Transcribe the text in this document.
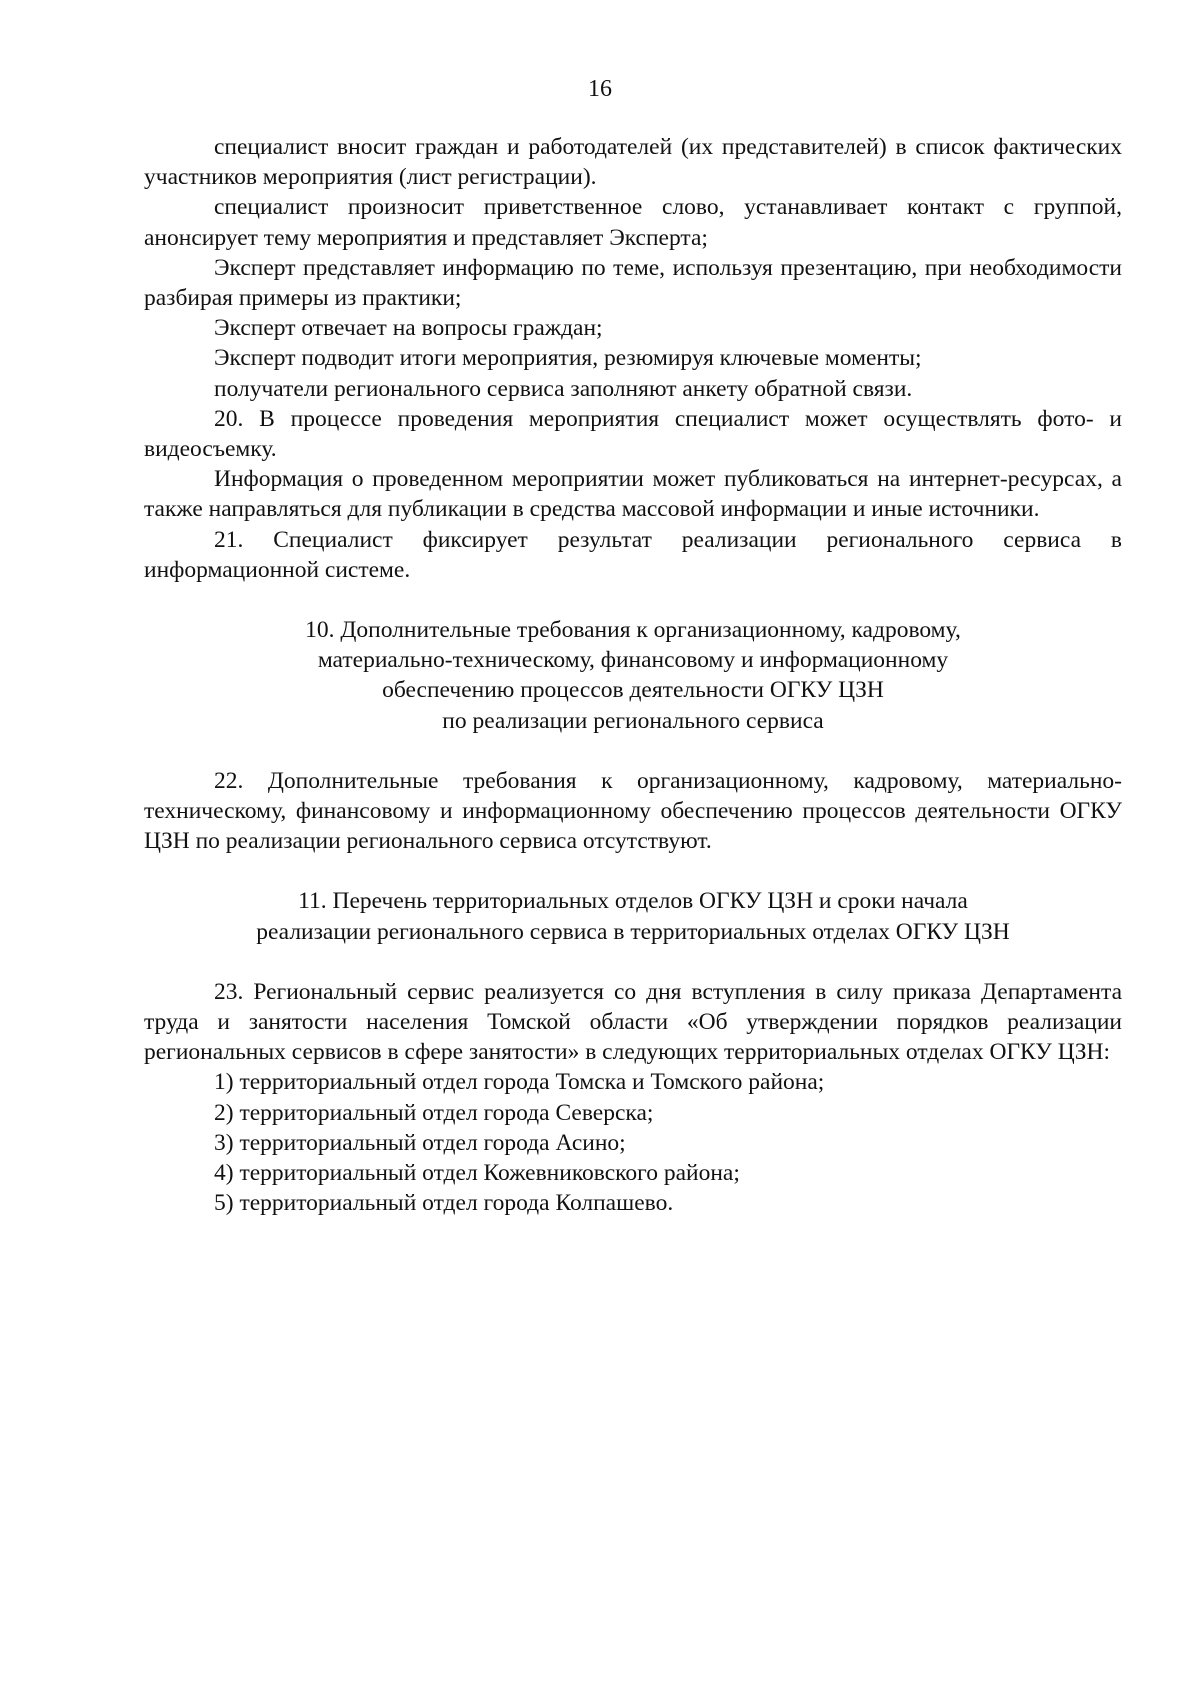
16

специалист вносит граждан и работодателей (их представителей) в список фактических участников мероприятия (лист регистрации).

специалист произносит приветственное слово, устанавливает контакт с группой, анонсирует тему мероприятия и представляет Эксперта;

Эксперт представляет информацию по теме, используя презентацию, при необходимости разбирая примеры из практики;

Эксперт отвечает на вопросы граждан;

Эксперт подводит итоги мероприятия, резюмируя ключевые моменты;

получатели регионального сервиса заполняют анкету обратной связи.

20. В процессе проведения мероприятия специалист может осуществлять фото- и видеосъемку.

Информация о проведенном мероприятии может публиковаться на интернет-ресурсах, а также направляться для публикации в средства массовой информации и иные источники.

21. Специалист фиксирует результат реализации регионального сервиса в информационной системе.

10. Дополнительные требования к организационному, кадровому,
материально-техническому, финансовому и информационному
обеспечению процессов деятельности ОГКУ ЦЗН
по реализации регионального сервиса

22. Дополнительные требования к организационному, кадровому, материально-техническому, финансовому и информационному обеспечению процессов деятельности ОГКУ ЦЗН по реализации регионального сервиса отсутствуют.

11. Перечень территориальных отделов ОГКУ ЦЗН и сроки начала
реализации регионального сервиса в территориальных отделах ОГКУ ЦЗН

23. Региональный сервис реализуется со дня вступления в силу приказа Департамента труда и занятости населения Томской области «Об утверждении порядков реализации региональных сервисов в сфере занятости» в следующих территориальных отделах ОГКУ ЦЗН:

1) территориальный отдел города Томска и Томского района;
2) территориальный отдел города Северска;
3) территориальный отдел города Асино;
4) территориальный отдел Кожевниковского района;
5) территориальный отдел города Колпашево.
